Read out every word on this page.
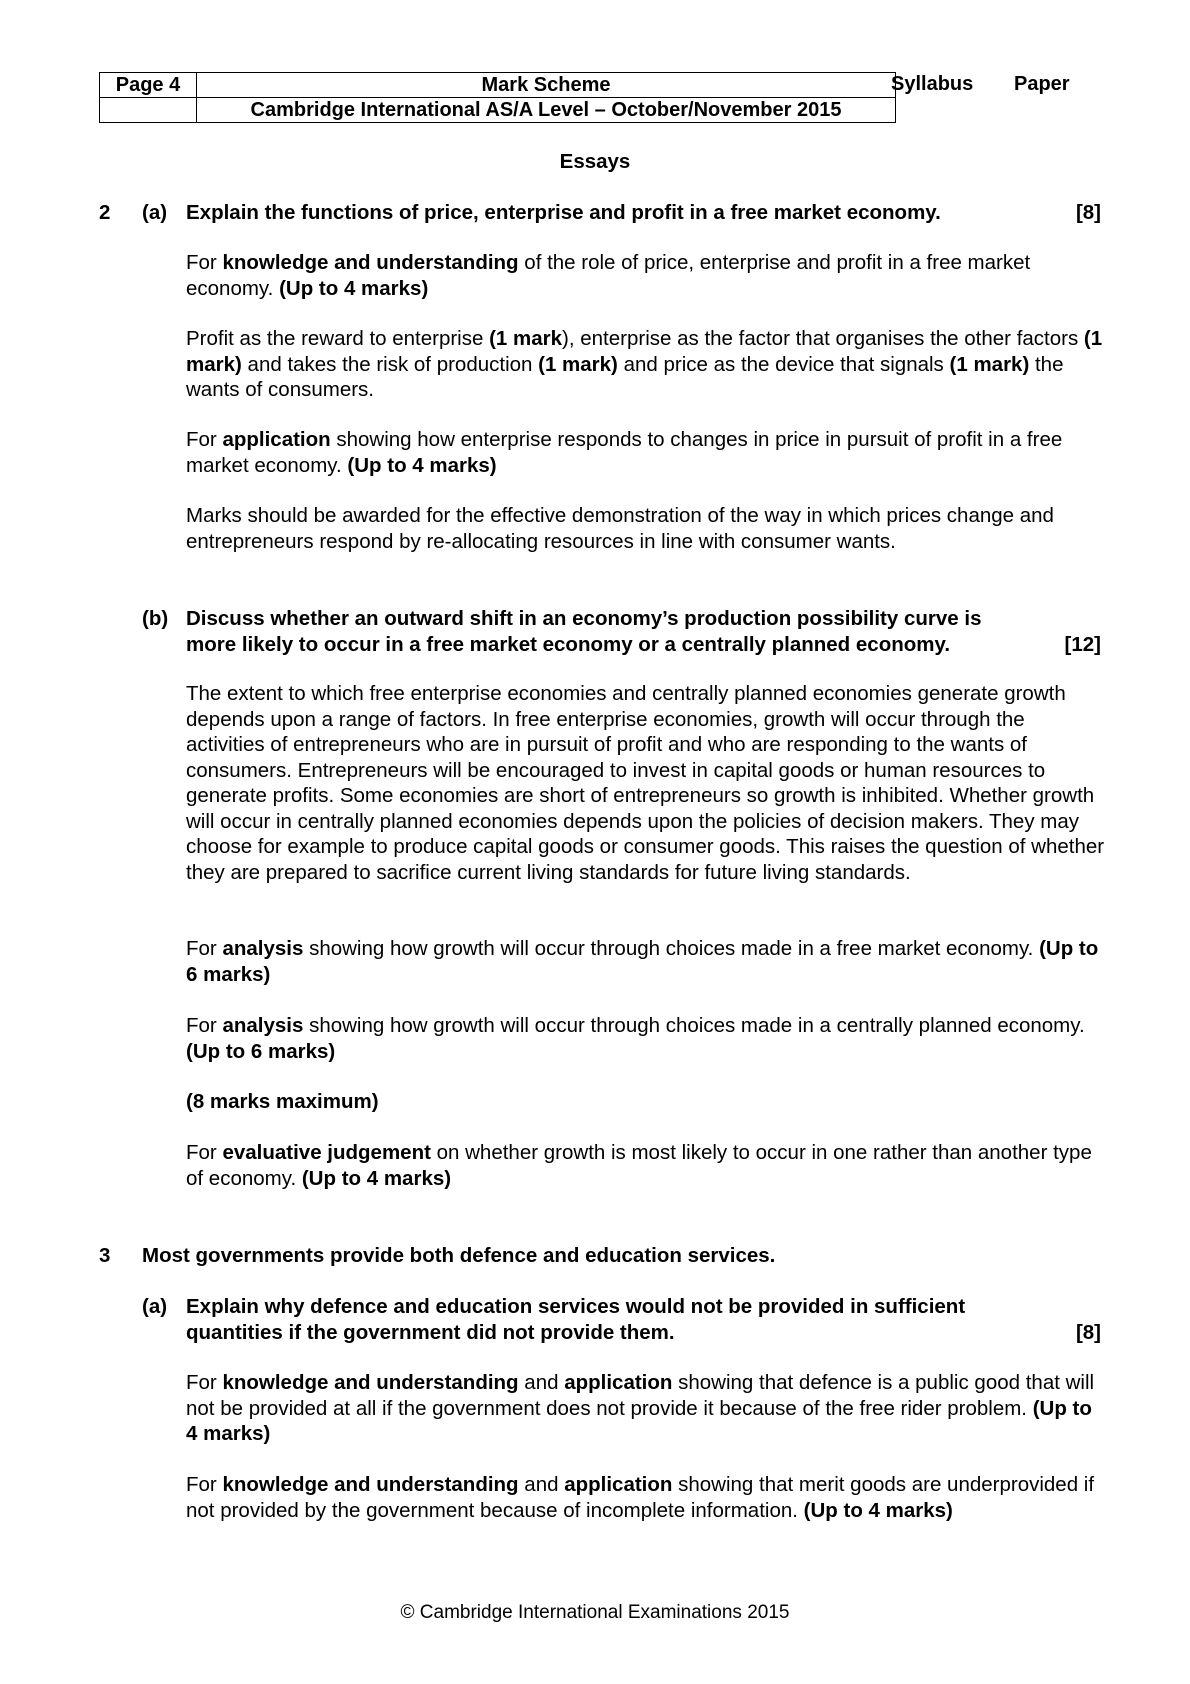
Page 4	Mark Scheme
	Cambridge International AS/A Level – October/November 2015
Syllabus Paper
Essays
2 (a) Explain the functions of price, enterprise and profit in a free market economy.	[8]

For knowledge and understanding of the role of price, enterprise and profit in a free market economy. (Up to 4 marks)

Profit as the reward to enterprise (1 mark), enterprise as the factor that organises the other factors (1 mark) and takes the risk of production (1 mark) and price as the device that signals (1 mark) the wants of consumers.

For application showing how enterprise responds to changes in price in pursuit of profit in a free market economy. (Up to 4 marks)

Marks should be awarded for the effective demonstration of the way in which prices change and entrepreneurs respond by re-allocating resources in line with consumer wants.

(b) Discuss whether an outward shift in an economy’s production possibility curve is
more likely to occur in a free market economy or a centrally planned economy.	[12]

The extent to which free enterprise economies and centrally planned economies generate growth depends upon a range of factors. In free enterprise economies, growth will occur through the activities of entrepreneurs who are in pursuit of profit and who are responding to the wants of consumers. Entrepreneurs will be encouraged to invest in capital goods or human resources to generate profits. Some economies are short of entrepreneurs so growth is inhibited. Whether growth will occur in centrally planned economies depends upon the policies of decision makers. They may choose for example to produce capital goods or consumer goods. This raises the question of whether they are prepared to sacrifice current living standards for future living standards.

For analysis showing how growth will occur through choices made in a free market economy. (Up to 6 marks)

For analysis showing how growth will occur through choices made in a centrally planned economy. (Up to 6 marks)

(8 marks maximum)

For evaluative judgement on whether growth is most likely to occur in one rather than another type of economy. (Up to 4 marks)

3 Most governments provide both defence and education services.
(a) Explain why defence and education services would not be provided in sufficient
quantities if the government did not provide them.	[8]

For knowledge and understanding and application showing that defence is a public good that will not be provided at all if the government does not provide it because of the free rider problem. (Up to 4 marks)

For knowledge and understanding and application showing that merit goods are underprovided if not provided by the government because of incomplete information. (Up to 4 marks)

© Cambridge International Examinations 2015
